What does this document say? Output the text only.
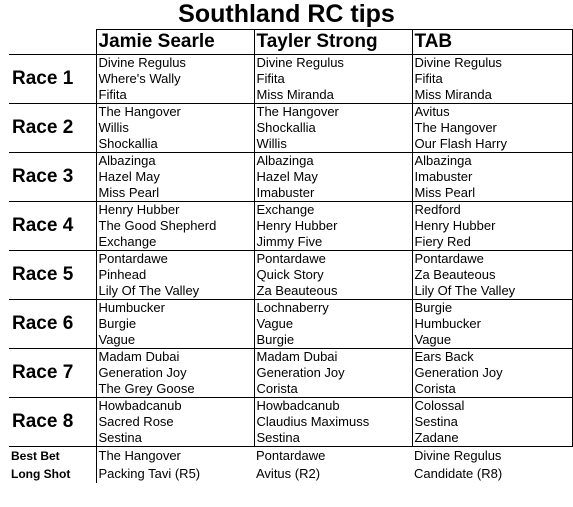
Southland RC tips
	Jamie Searle	Tayler Strong	TAB
Race 1	Divine Regulus	Divine Regulus	Divine Regulus
	Where's Wally	Fifita	Fifita
	Fifita	Miss Miranda	Miss Miranda
Race 2	The Hangover	The Hangover	Avitus
	Willis	Shockallia	The Hangover
	Shockallia	Willis	Our Flash Harry
Race 3	Albazinga	Albazinga	Albazinga
	Hazel May	Hazel May	Imabuster
	Miss Pearl	Imabuster	Miss Pearl
Race 4	Henry Hubber	Exchange	Redford
	The Good Shepherd	Henry Hubber	Henry Hubber
	Exchange	Jimmy Five	Fiery Red
Race 5	Pontardawe	Pontardawe	Pontardawe
	Pinhead	Quick Story	Za Beauteous
	Lily Of The Valley	Za Beauteous	Lily Of The Valley
Race 6	Humbucker	Lochnaberry	Burgie
	Burgie	Vague	Humbucker
	Vague	Burgie	Vague
Race 7	Madam Dubai	Madam Dubai	Ears Back
	Generation Joy	Generation Joy	Generation Joy
	The Grey Goose	Corista	Corista
Race 8	Howbadcanub	Howbadcanub	Colossal
	Sacred Rose	Claudius Maximuss	Sestina
	Sestina	Sestina	Zadane
Best Bet	The Hangover	Pontardawe	Divine Regulus
Long Shot	Packing Tavi (R5)	Avitus (R2)	Candidate (R8)
